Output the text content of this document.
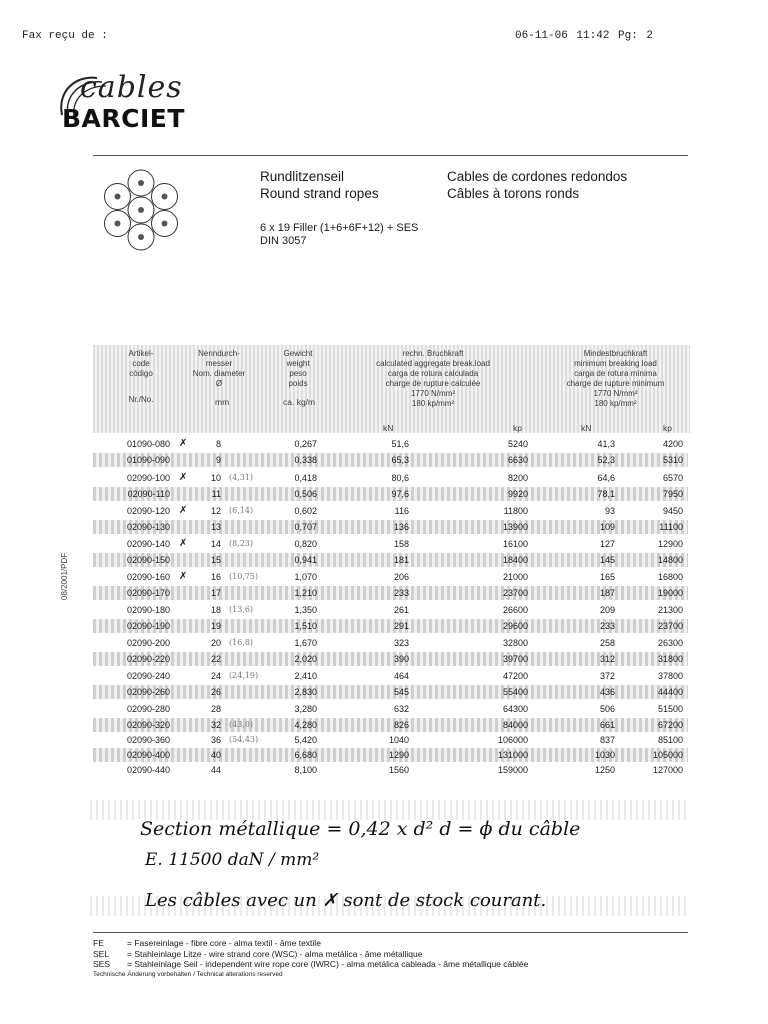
Fax reçu de :	06-11-06 11:42 Pg: 2
cables
BARCIET
Rundlitzenseil
Round strand ropes
Cables de cordones redondos
Câbles à torons ronds
6 x 19 Filler (1+6+6F+12) + SES
DIN 3057
08/2001/PDF
Artikel-
code
código
Nr./No.
Nenndurch-
messer
Nom. diameter
Ø
Gewicht
weight
peso
poids
rechn. Bruchkraft
calculated aggregate break.load
carga de rotura calculada
charge de rupture calculée
1770 N/mm²
180 kp/mm²
Mindestbruchkraft
minimum breaking load
carga de rotura mínima
charge de rupture minimum
1770 N/mm²
180 kp/mm²
mm	ca. kg/m
kN	kp	kN	kp
01090-080 ✗	8	0,267	51,6	5240	41,3	4200
01090-090	9	0,338	65,3	6630	52,3	5310
02090-100 ✗	10 (4,31)	0,418	80,6	8200	64,6	6570
02090-110	11	0,506	97,6	9920	78,1	7950
02090-120 ✗	12 (6,14)	0,602	116	11800	93	9450
02090-130	13	0,707	136	13900	109	11100
02090-140 ✗	14 (8,23)	0,820	158	16100	127	12900
02090-150	15	0,941	181	18400	145	14800
02090-160 ✗	16 (10,75)	1,070	206	21000	165	16800
02090-170	17	1,210	233	23700	187	19000
02090-180	18 (13,6)	1,350	261	26600	209	21300
02090-190	19	1,510	291	29600	233	23700
02090-200	20 (16,8)	1,670	323	32800	258	26300
02090-220	22	2,020	390	39700	312	31800
02090-240	24 (24,19)	2,410	464	47200	372	37800
02090-260	26	2,830	545	55400	436	44400
02090-280	28	3,280	632	64300	506	51500
02090-320	32 (43,0)	4,280	826	84000	661	67200
02090-360	36 (54,43)	5,420	1040	106000	837	85100
02090-400	40	6,680	1290	131000	1030	105000
02090-440	44	8,100	1560	159000	1250	127000
Section métallique = 0,42 x d² d = ϕ du câble
E. 11500 daN / mm²
Les câbles avec un ✗ sont de stock courant.
FE	= Fasereinlage - fibre core - alma textil - âme textile
SEL = Stahleinlage Litze - wire strand core (WSC) - alma metálica - âme métallique
SES = Stahleinlage Seil - independent wire rope core (IWRC) - alma metálica cableada - âme métallique câblée
Technische Änderung vorbehalten / Technical alterations reserved
